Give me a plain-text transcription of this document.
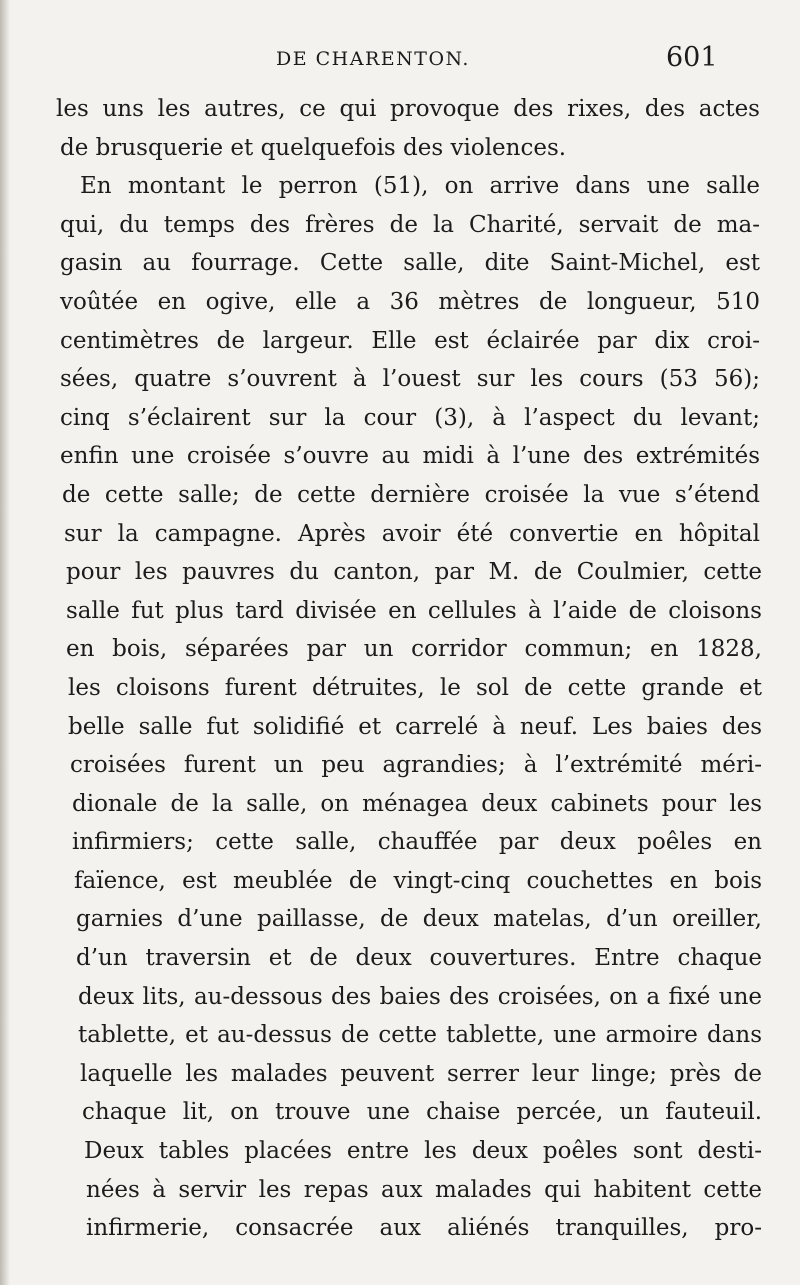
DE CHARENTON.	601
les uns les autres, ce qui provoque des rixes, des actes
de brusquerie et quelquefois des violences.
En montant le perron (51), on arrive dans une salle
qui, du temps des frères de la Charité, servait de ma-
gasin au fourrage. Cette salle, dite Saint-Michel, est
voûtée en ogive, elle a 36 mètres de longueur, 510
centimètres de largeur. Elle est éclairée par dix croi-
sées, quatre s’ouvrent à l’ouest sur les cours (53 56);
cinq s’éclairent sur la cour (3), à l’aspect du levant;
enfin une croisée s’ouvre au midi à l’une des extrémités
de cette salle; de cette dernière croisée la vue s’étend
sur la campagne. Après avoir été convertie en hôpital
pour les pauvres du canton, par M. de Coulmier, cette
salle fut plus tard divisée en cellules à l’aide de cloisons
en bois, séparées par un corridor commun; en 1828,
les cloisons furent détruites, le sol de cette grande et
belle salle fut solidifié et carrelé à neuf. Les baies des
croisées furent un peu agrandies; à l’extrémité méri-
dionale de la salle, on ménagea deux cabinets pour les
infirmiers; cette salle, chauffée par deux poêles en
faïence, est meublée de vingt-cinq couchettes en bois
garnies d’une paillasse, de deux matelas, d’un oreiller,
d’un traversin et de deux couvertures. Entre chaque
deux lits, au-dessous des baies des croisées, on a fixé une
tablette, et au-dessus de cette tablette, une armoire dans
laquelle les malades peuvent serrer leur linge; près de
chaque lit, on trouve une chaise percée, un fauteuil.
Deux tables placées entre les deux poêles sont desti-
nées à servir les repas aux malades qui habitent cette
infirmerie, consacrée aux aliénés tranquilles, pro-
